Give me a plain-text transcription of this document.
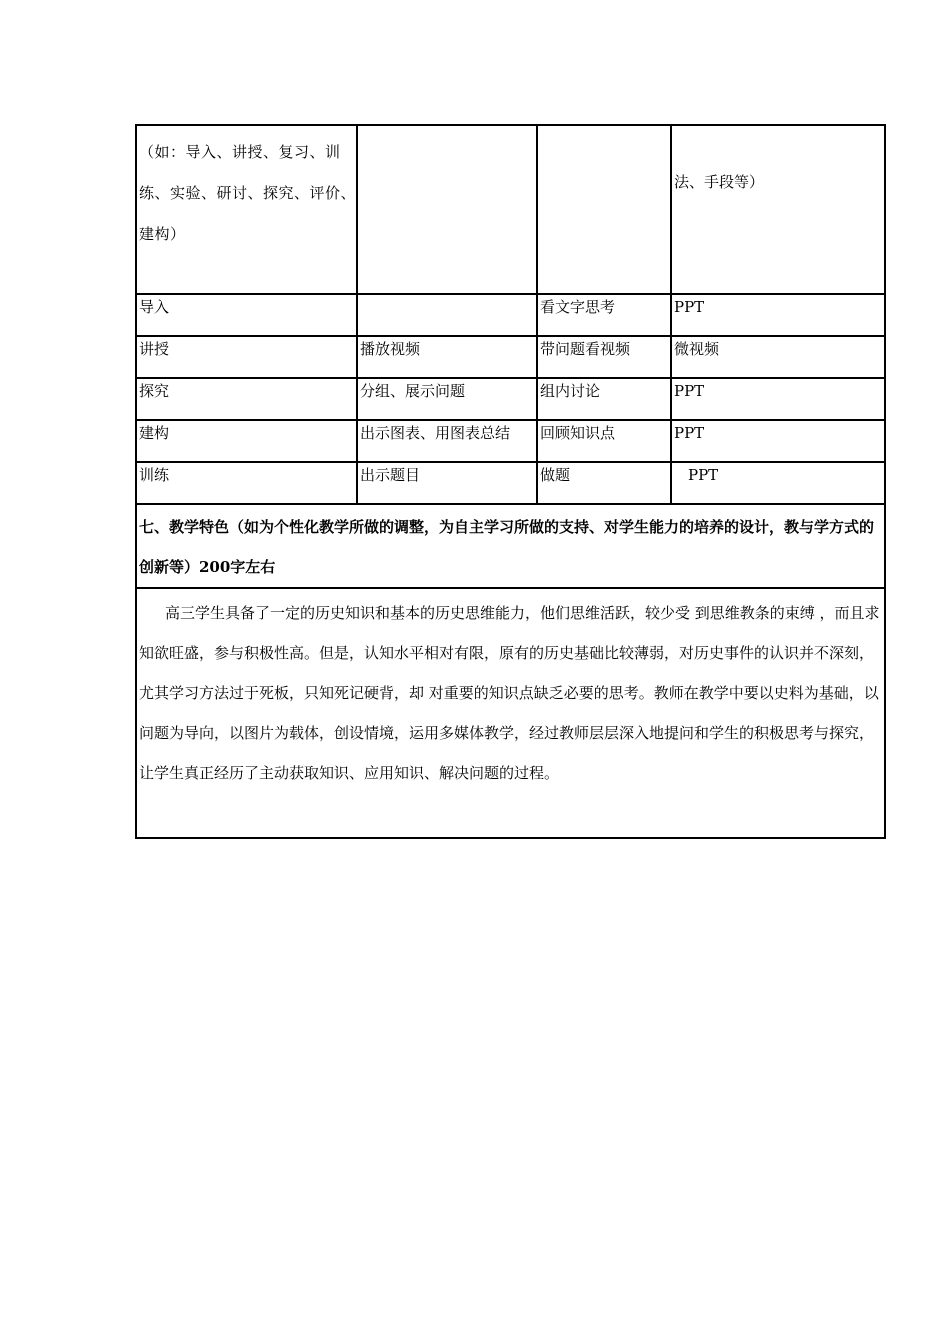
（如：导入、讲授、复习、训练、实验、研讨、探究、评价、建构）			法、手段等）
导入		看文字思考	PPT
讲授	播放视频	带问题看视频	微视频
探究	分组、展示问题	组内讨论	PPT
建构	出示图表、用图表总结	回顾知识点	PPT
训练	出示题目	做题	PPT
七、教学特色（如为个性化教学所做的调整，为自主学习所做的支持、对学生能力的培养的设计，教与学方式的创新等）200字左右			

高三学生具备了一定的历史知识和基本的历史思维能力，他们思维活跃，较少受 到思维教条的束缚 ，而且求知欲旺盛，参与积极性高。但是，认知水平相对有限，原有的历史基础比较薄弱，对历史事件的认识并不深刻，尤其学习方法过于死板，只知死记硬背，却 对重要的知识点缺乏必要的思考。教师在教学中要以史料为基础，以问题为导向，以图片为载体，创设情境，运用多媒体教学，经过教师层层深入地提问和学生的积极思考与探究，让学生真正经历了主动获取知识、应用知识、解决问题的过程。			
